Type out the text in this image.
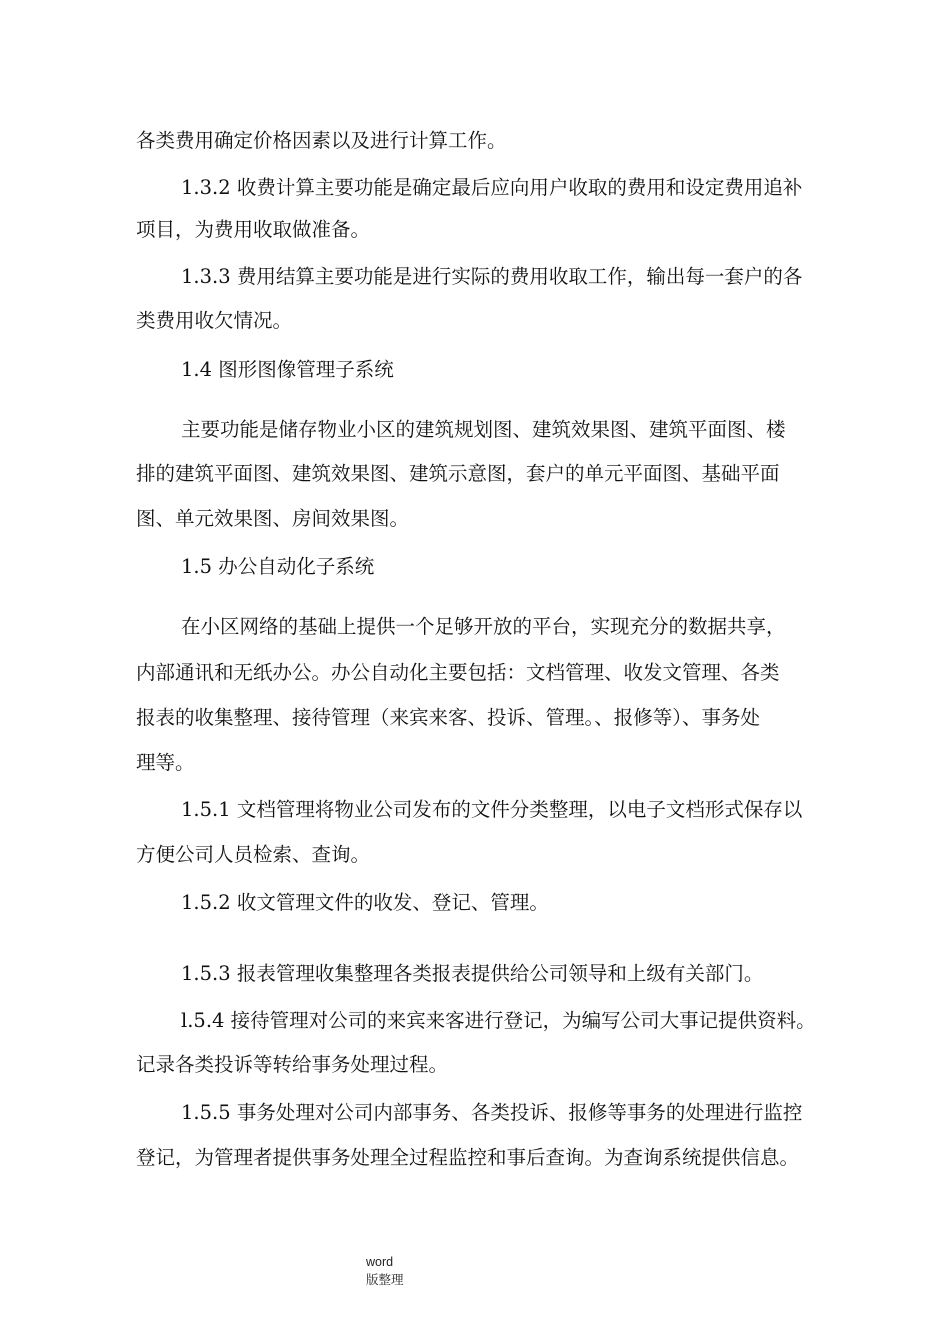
各类费用确定价格因素以及进行计算工作。

1.3.2 收费计算主要功能是确定最后应向用户收取的费用和设定费用追补

项目，为费用收取做准备。

1.3.3 费用结算主要功能是进行实际的费用收取工作，输出每一套户的各

类费用收欠情况。

1.4 图形图像管理子系统

主要功能是储存物业小区的建筑规划图、建筑效果图、建筑平面图、楼

排的建筑平面图、建筑效果图、建筑示意图，套户的单元平面图、基础平面

图、单元效果图、房间效果图。

1.5 办公自动化子系统

在小区网络的基础上提供一个足够开放的平台，实现充分的数据共享，

内部通讯和无纸办公。办公自动化主要包括：文档管理、收发文管理、各类

报表的收集整理、接待管理（来宾来客、投诉、管理。、报修等）、事务处

理等。

1.5.1 文档管理将物业公司发布的文件分类整理，以电子文档形式保存以

方便公司人员检索、查询。

1.5.2 收文管理文件的收发、登记、管理。

1.5.3 报表管理收集整理各类报表提供给公司领导和上级有关部门。

l.5.4 接待管理对公司的来宾来客进行登记，为编写公司大事记提供资料。

记录各类投诉等转给事务处理过程。

1.5.5 事务处理对公司内部事务、各类投诉、报修等事务的处理进行监控

登记，为管理者提供事务处理全过程监控和事后查询。为查询系统提供信息。

word
版整理
